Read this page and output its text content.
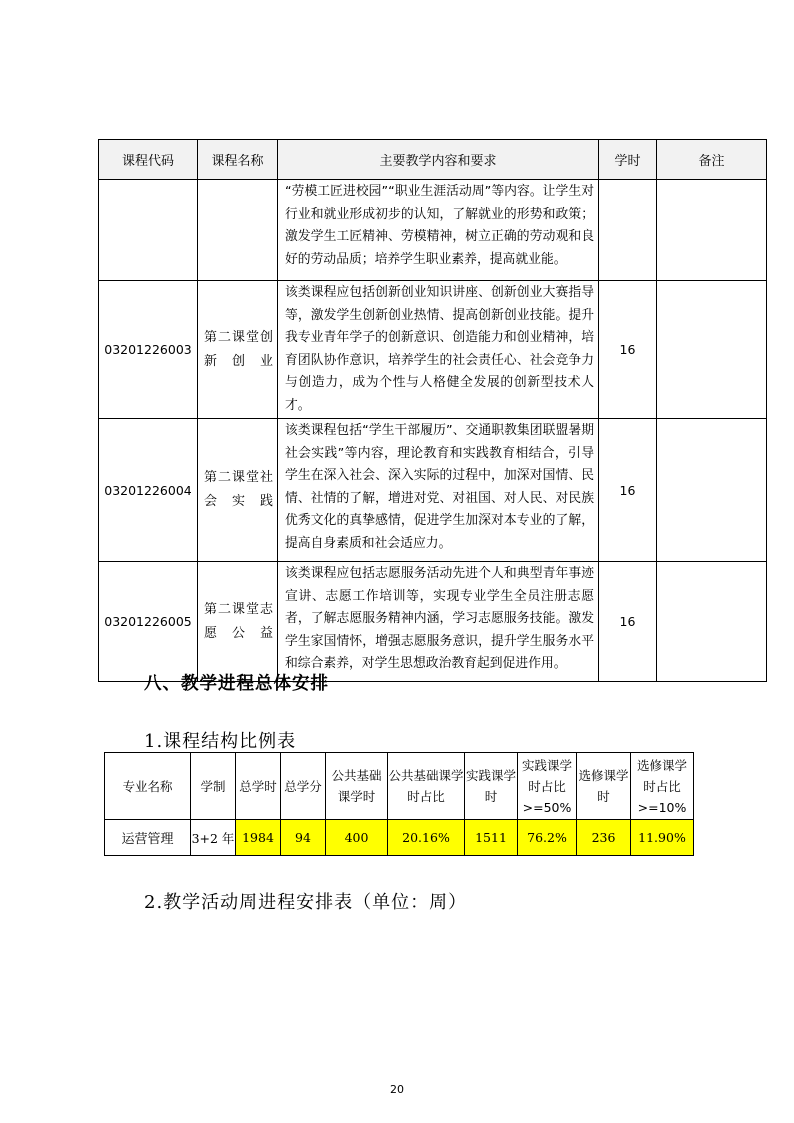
课程代码	课程名称	主要教学内容和要求	学时	备注
		“劳模工匠进校园”“职业生涯活动周”等内容。让学生对行业和就业形成初步的认知，了解就业的形势和政策；激发学生工匠精神、劳模精神，树立正确的劳动观和良好的劳动品质；培养学生职业素养，提高就业能。		
03201226003	第二课堂创新创业	该类课程应包括创新创业知识讲座、创新创业大赛指导等，激发学生创新创业热情、提高创新创业技能。提升我专业青年学子的创新意识、创造能力和创业精神，培育团队协作意识，培养学生的社会责任心、社会竞争力与创造力，成为个性与人格健全发展的创新型技术人才。	16	
03201226004	第二课堂社会实践	该类课程包括“学生干部履历”、交通职教集团联盟暑期社会实践”等内容，理论教育和实践教育相结合，引导学生在深入社会、深入实际的过程中，加深对国情、民情、社情的了解，增进对党、对祖国、对人民、对民族优秀文化的真挚感情，促进学生加深对本专业的了解，提高自身素质和社会适应力。	16	
03201226005	第二课堂志愿公益	该类课程应包括志愿服务活动先进个人和典型青年事迹宣讲、志愿工作培训等，实现专业学生全员注册志愿者，了解志愿服务精神内涵，学习志愿服务技能。激发学生家国情怀，增强志愿服务意识，提升学生服务水平和综合素养，对学生思想政治教育起到促进作用。	16	
八、教学进程总体安排
1.课程结构比例表
专业名称	学制	总学时	总学分	公共基础课学时	公共基础课学时占比	实践课学时	实践课学时占比>=50%	选修课学时	选修课学时占比>=10%
运营管理	3+2 年	1984	94	400	20.16%	1511	76.2%	236	11.90%
2.教学活动周进程安排表（单位：周）
20
